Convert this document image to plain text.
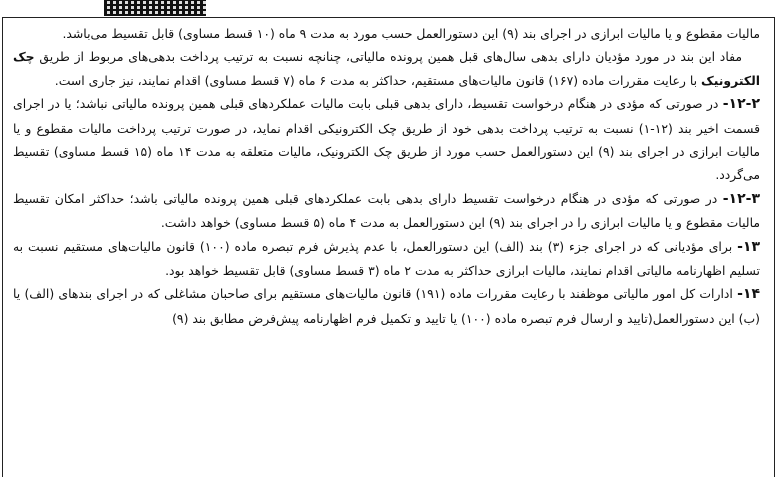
مالیات مقطوع و یا مالیات ابرازی در اجرای بند (۹) این دستورالعمل حسب مورد به مدت ۹ ماه (۱۰ قسط مساوی) قابل تقسیط می‌باشد.

مفاد این بند در مورد مؤدیان دارای بدهی سال‌های قبل همین پرونده مالیاتی، چنانچه نسبت به ترتیب پرداخت بدهی‌های مربوط از طریق چک الکترونیک با رعایت مقررات ماده (۱۶۷) قانون مالیات‌های مستقیم، حداکثر به مدت ۶ ماه (۷ قسط مساوی) اقدام نمایند، نیز جاری است.

۱۲-۲- در صورتی که مؤدی در هنگام درخواست تقسیط، دارای بدهی قبلی بابت مالیات عملکردهای قبلی همین پرونده مالیاتی نباشد؛ یا در اجرای قسمت اخیر بند (۱۲-۱) نسبت به ترتیب پرداخت بدهی خود از طریق چک الکترونیکی اقدام نماید، در صورت ترتیب پرداخت مالیات مقطوع و یا مالیات ابرازی در اجرای بند (۹) این دستورالعمل حسب مورد از طریق چک الکترونیک، مالیات متعلقه به مدت ۱۴ ماه (۱۵ قسط مساوی) تقسیط می‌گردد.

۱۲-۳- در صورتی که مؤدی در هنگام درخواست تقسیط دارای بدهی بابت عملکردهای قبلی همین پرونده مالیاتی باشد؛ حداکثر امکان تقسیط مالیات مقطوع و یا مالیات ابرازی را در اجرای بند (۹) این دستورالعمل به مدت ۴ ماه (۵ قسط مساوی) خواهد داشت.

۱۳- برای مؤدیانی که در اجرای جزء (۳) بند (الف) این دستورالعمل، با عدم پذیرش فرم تبصره ماده (۱۰۰) قانون مالیات‌های مستقیم نسبت به تسلیم اظهارنامه مالیاتی اقدام نمایند، مالیات ابرازی حداکثر به مدت ۲ ماه (۳ قسط مساوی) قابل تقسیط خواهد بود.

۱۴- ادارات کل امور مالیاتی موظفند با رعایت مقررات ماده (۱۹۱) قانون مالیات‌های مستقیم برای صاحبان مشاغلی که در اجرای بندهای (الف) یا (ب) این دستورالعمل(تایید و ارسال فرم تبصره ماده (۱۰۰) یا تایید و تکمیل فرم اظهارنامه پیش‌فرض مطابق بند (۹)
